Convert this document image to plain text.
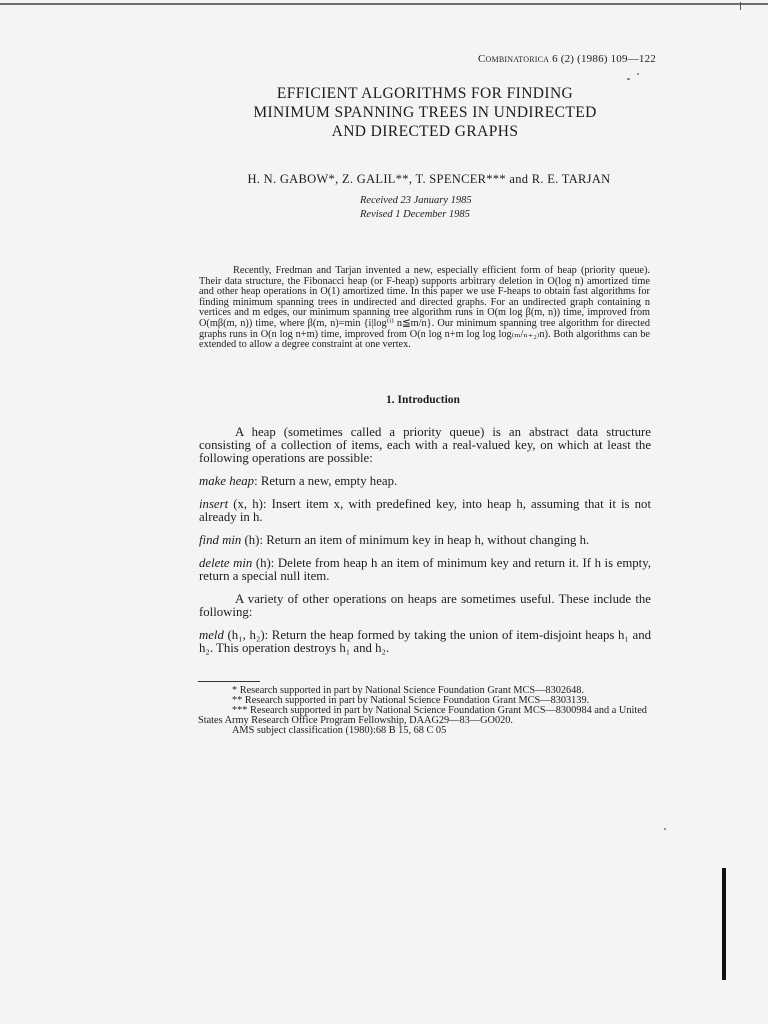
Combinatorica 6 (2) (1986) 109—122
EFFICIENT ALGORITHMS FOR FINDING
MINIMUM SPANNING TREES IN UNDIRECTED
AND DIRECTED GRAPHS
H. N. GABOW*, Z. GALIL**, T. SPENCER*** and R. E. TARJAN
Received 23 January 1985
Revised 1 December 1985

Recently, Fredman and Tarjan invented a new, especially efficient form of heap (priority queue). Their data structure, the Fibonacci heap (or F-heap) supports arbitrary deletion in O(log n) amortized time and other heap operations in O(1) amortized time. In this paper we use F-heaps to obtain fast algorithms for finding minimum spanning trees in undirected and directed graphs. For an undirected graph containing n vertices and m edges, our minimum spanning tree algorithm runs in O(m log β(m, n)) time, improved from O(mβ(m, n)) time, where β(m, n)=min {i|log⁽ⁱ⁾ n≦m/n}. Our minimum spanning tree algorithm for directed graphs runs in O(n log n+m) time, improved from O(n log n+m log log log₍ₘ/ₙ₊₂₎n). Both algorithms can be extended to allow a degree constraint at one vertex.

1. Introduction

A heap (sometimes called a priority queue) is an abstract data structure consisting of a collection of items, each with a real-valued key, on which at least the following operations are possible:

make heap: Return a new, empty heap.

insert (x, h): Insert item x, with predefined key, into heap h, assuming that it is not already in h.

find min (h): Return an item of minimum key in heap h, without changing h.

delete min (h): Delete from heap h an item of minimum key and return it. If h is empty, return a special null item.

A variety of other operations on heaps are sometimes useful. These include the following:

meld (h₁, h₂): Return the heap formed by taking the union of item-disjoint heaps h₁ and h₂. This operation destroys h₁ and h₂.

* Research supported in part by National Science Foundation Grant MCS—8302648.

** Research supported in part by National Science Foundation Grant MCS—8303139.

*** Research supported in part by National Science Foundation Grant MCS—8300984 and a United States Army Research Office Program Fellowship, DAAG29—83—GO020.

AMS subject classification (1980):68 B 15, 68 C 05
